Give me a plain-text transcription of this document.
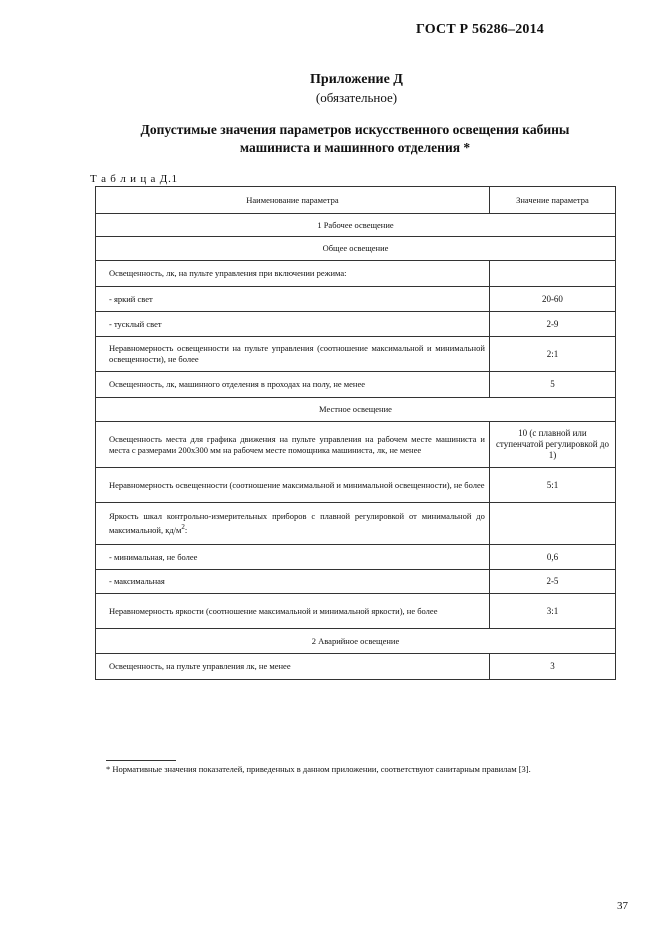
ГОСТ Р 56286–2014
Приложение Д
(обязательное)
Допустимые значения параметров искусственного освещения кабины
машиниста и машинного отделения *
Т а б л и ц а Д.1
Наименование параметра	Значение параметра
1 Рабочее освещение	
Общее освещение	

Освещенность, лк, на пульте управления при включении режима:	

- яркий свет	20-60

- тусклый свет	2-9

Неравномерность освещенности на пульте управления (соотношение максимальной и минимальной освещенности), не более	2:1

Освещенность, лк, машинного отделения в проходах на полу, не менее	5
Местное освещение	

Освещенность места для графика движения на пульте управления на рабочем месте машиниста и места с размерами 200х300 мм на рабочем месте помощника машиниста, лк, не менее	10 (с плавной или ступенчатой регулировкой до 1)

Неравномерность освещенности (соотношение максимальной и минимальной освещенности), не более	5:1

Яркость шкал контрольно-измерительных приборов с плавной регулировкой от минимальной до максимальной, $кд/м^2$:	

- минимальная, не более	0,6

- максимальная	2-5

Неравномерность яркости (соотношение максимальной и минимальной яркости), не более	3:1
2 Аварийное освещение	

Освещенность, на пульте управления лк, не менее	3
* Нормативные значения показателей, приведенных в данном приложении, соответствуют санитарным правилам [3].
37
